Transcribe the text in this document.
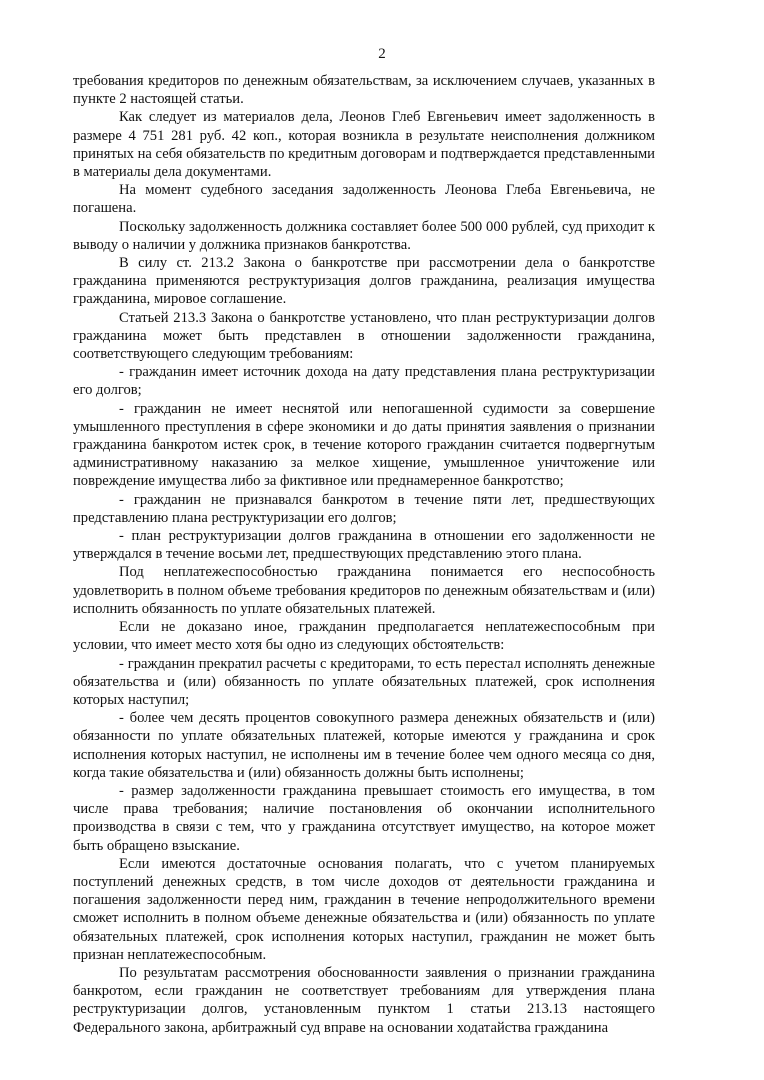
2

требования кредиторов по денежным обязательствам, за исключением случаев, указанных в пункте 2 настоящей статьи.

Как следует из материалов дела, Леонов Глеб Евгеньевич имеет задолженность в размере 4 751 281 руб. 42 коп., которая возникла в результате неисполнения должником принятых на себя обязательств по кредитным договорам и подтверждается представленными в материалы дела документами.

На момент судебного заседания задолженность Леонова Глеба Евгеньевича, не погашена.

Поскольку задолженность должника составляет более 500 000 рублей, суд приходит к выводу о наличии у должника признаков банкротства.

В силу ст. 213.2 Закона о банкротстве при рассмотрении дела о банкротстве гражданина применяются реструктуризация долгов гражданина, реализация имущества гражданина, мировое соглашение.

Статьей 213.3 Закона о банкротстве установлено, что план реструктуризации долгов гражданина может быть представлен в отношении задолженности гражданина, соответствующего следующим требованиям:

- гражданин имеет источник дохода на дату представления плана реструктуризации его долгов;

- гражданин не имеет неснятой или непогашенной судимости за совершение умышленного преступления в сфере экономики и до даты принятия заявления о признании гражданина банкротом истек срок, в течение которого гражданин считается подвергнутым административному наказанию за мелкое хищение, умышленное уничтожение или повреждение имущества либо за фиктивное или преднамеренное банкротство;

- гражданин не признавался банкротом в течение пяти лет, предшествующих представлению плана реструктуризации его долгов;

- план реструктуризации долгов гражданина в отношении его задолженности не утверждался в течение восьми лет, предшествующих представлению этого плана.

Под неплатежеспособностью гражданина понимается его неспособность удовлетворить в полном объеме требования кредиторов по денежным обязательствам и (или) исполнить обязанность по уплате обязательных платежей.

Если не доказано иное, гражданин предполагается неплатежеспособным при условии, что имеет место хотя бы одно из следующих обстоятельств:

- гражданин прекратил расчеты с кредиторами, то есть перестал исполнять денежные обязательства и (или) обязанность по уплате обязательных платежей, срок исполнения которых наступил;

- более чем десять процентов совокупного размера денежных обязательств и (или) обязанности по уплате обязательных платежей, которые имеются у гражданина и срок исполнения которых наступил, не исполнены им в течение более чем одного месяца со дня, когда такие обязательства и (или) обязанность должны быть исполнены;

- размер задолженности гражданина превышает стоимость его имущества, в том числе права требования; наличие постановления об окончании исполнительного производства в связи с тем, что у гражданина отсутствует имущество, на которое может быть обращено взыскание.

Если имеются достаточные основания полагать, что с учетом планируемых поступлений денежных средств, в том числе доходов от деятельности гражданина и погашения задолженности перед ним, гражданин в течение непродолжительного времени сможет исполнить в полном объеме денежные обязательства и (или) обязанность по уплате обязательных платежей, срок исполнения которых наступил, гражданин не может быть признан неплатежеспособным.

По результатам рассмотрения обоснованности заявления о признании гражданина банкротом, если гражданин не соответствует требованиям для утверждения плана реструктуризации долгов, установленным пунктом 1 статьи 213.13 настоящего Федерального закона, арбитражный суд вправе на основании ходатайства гражданина
